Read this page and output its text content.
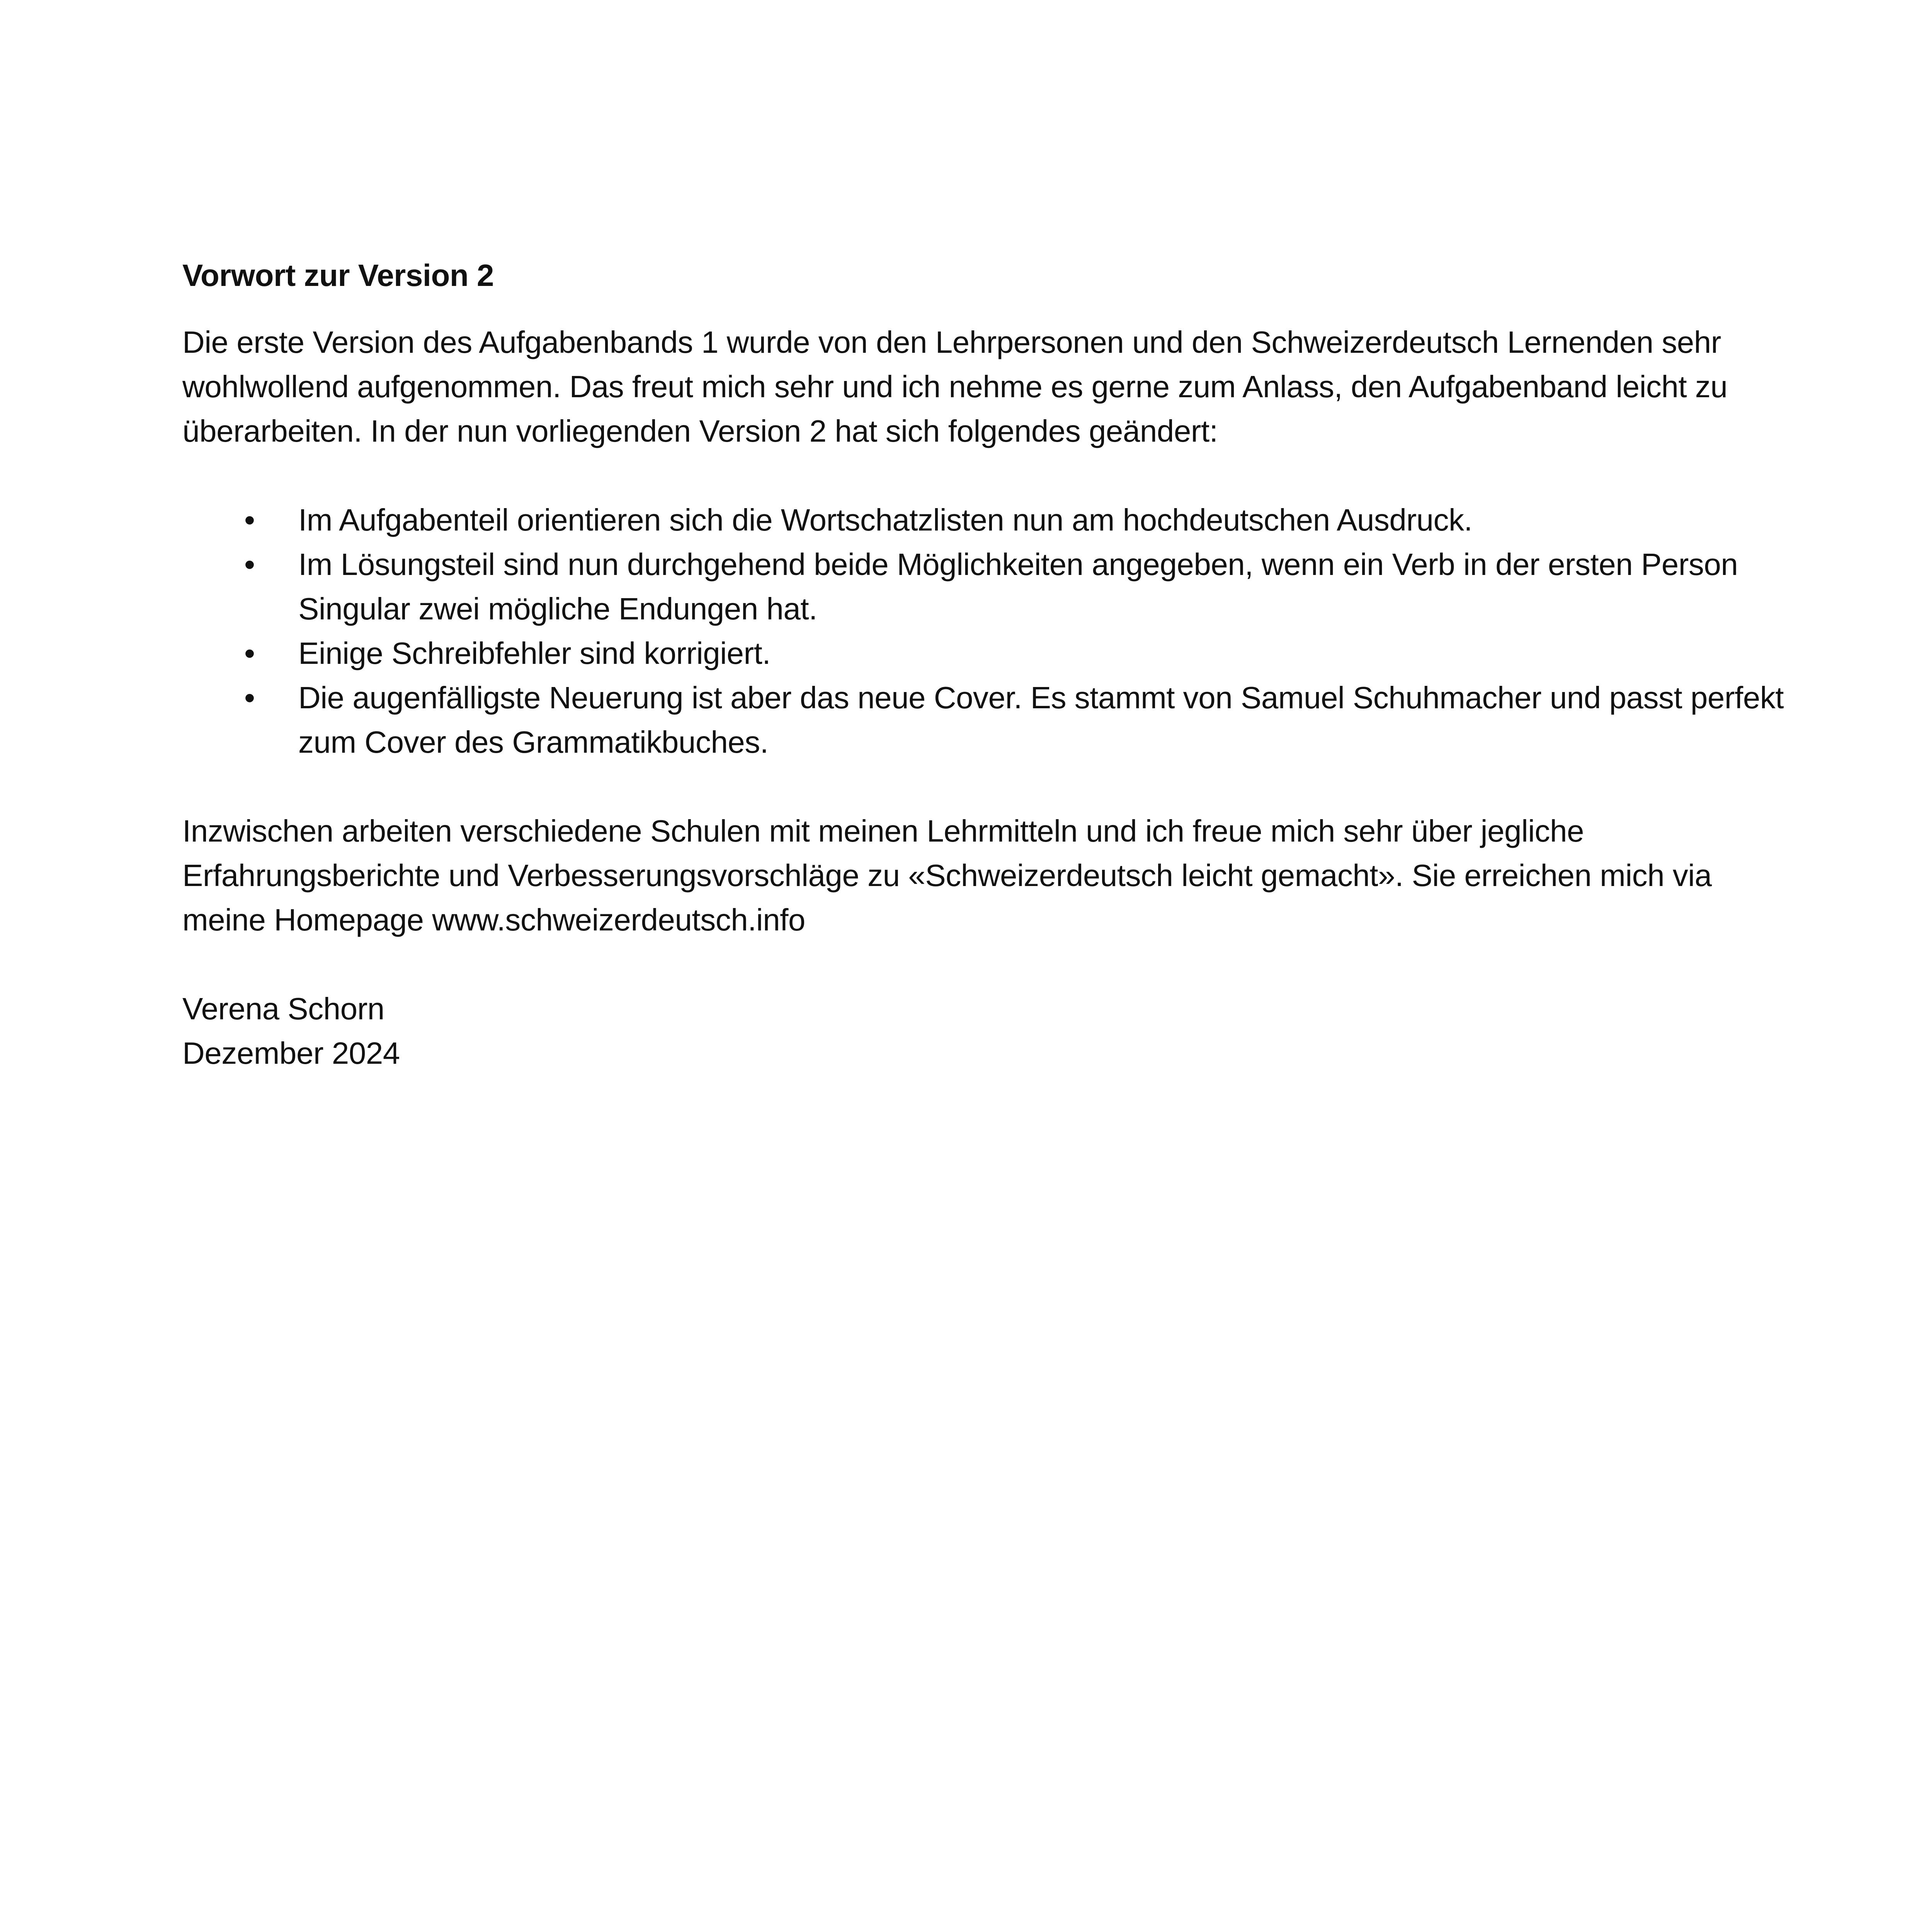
Vorwort zur Version 2

Die erste Version des Aufgabenbands 1 wurde von den Lehrpersonen und den Schweizerdeutsch Lernenden sehr wohlwollend aufgenommen. Das freut mich sehr und ich nehme es gerne zum Anlass, den Aufgabenband leicht zu überarbeiten. In der nun vorliegenden Version 2 hat sich folgendes geändert:

• Im Aufgabenteil orientieren sich die Wortschatzlisten nun am hochdeutschen Ausdruck.
• Im Lösungsteil sind nun durchgehend beide Möglichkeiten angegeben, wenn ein Verb in der ersten Person Singular zwei mögliche Endungen hat.
• Einige Schreibfehler sind korrigiert.
• Die augenfälligste Neuerung ist aber das neue Cover. Es stammt von Samuel Schuhmacher und passt perfekt zum Cover des Grammatikbuches.

Inzwischen arbeiten verschiedene Schulen mit meinen Lehrmitteln und ich freue mich sehr über jegliche Erfahrungsberichte und Verbesserungsvorschläge zu «Schweizerdeutsch leicht gemacht». Sie erreichen mich via meine Homepage www.schweizerdeutsch.info

Verena Schorn
Dezember 2024
